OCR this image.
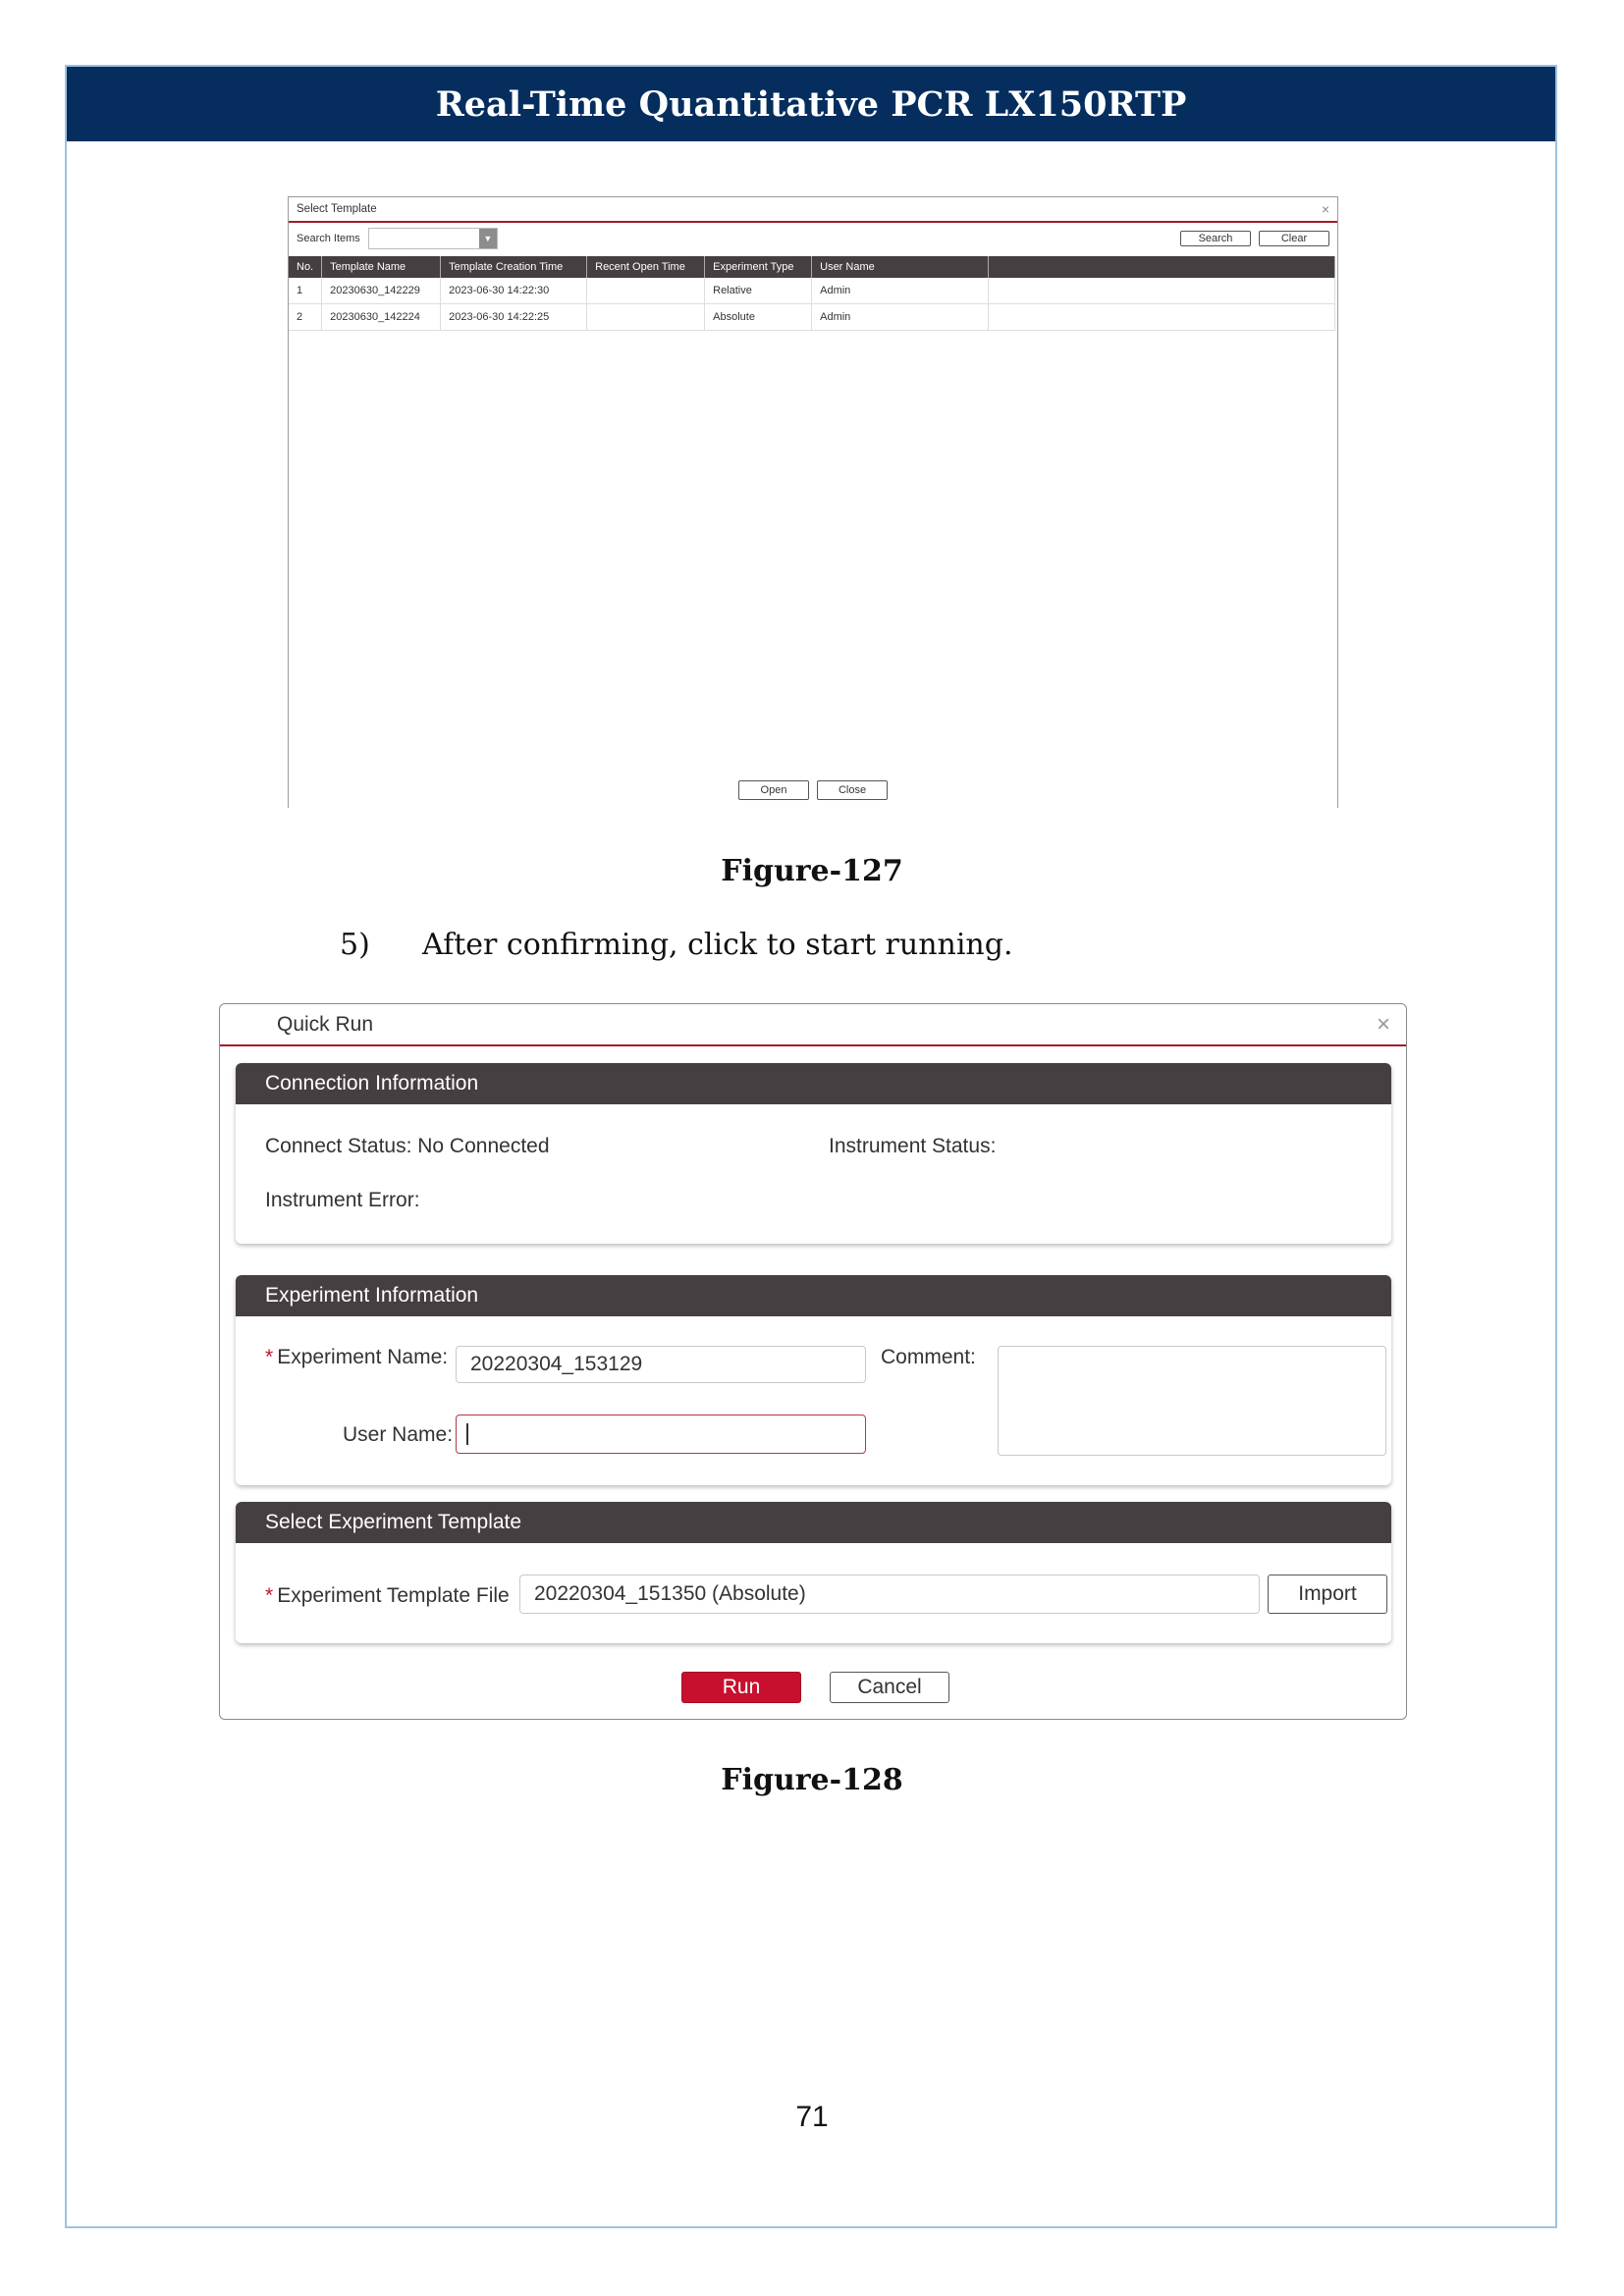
Real-Time Quantitative PCR LX150RTP
Select Template	×
Search Items	▼	Search	Clear
No.	Template Name	Template Creation Time	Recent Open Time	Experiment Type	User Name	
1	20230630_142229	2023-06-30 14:22:30		Relative	Admin	
2	20230630_142224	2023-06-30 14:22:25		Absolute	Admin	
Open	Close
Figure-127
5) After confirming, click to start running.
Quick Run	×
Connection Information
Connect Status: No Connected	Instrument Status:
Instrument Error:
Experiment Information
* Experiment Name: 20220304_153129
User Name:
Comment:
Select Experiment Template
* Experiment Template File 20220304_151350 (Absolute)	Import
Run	Cancel
Figure-128
71
